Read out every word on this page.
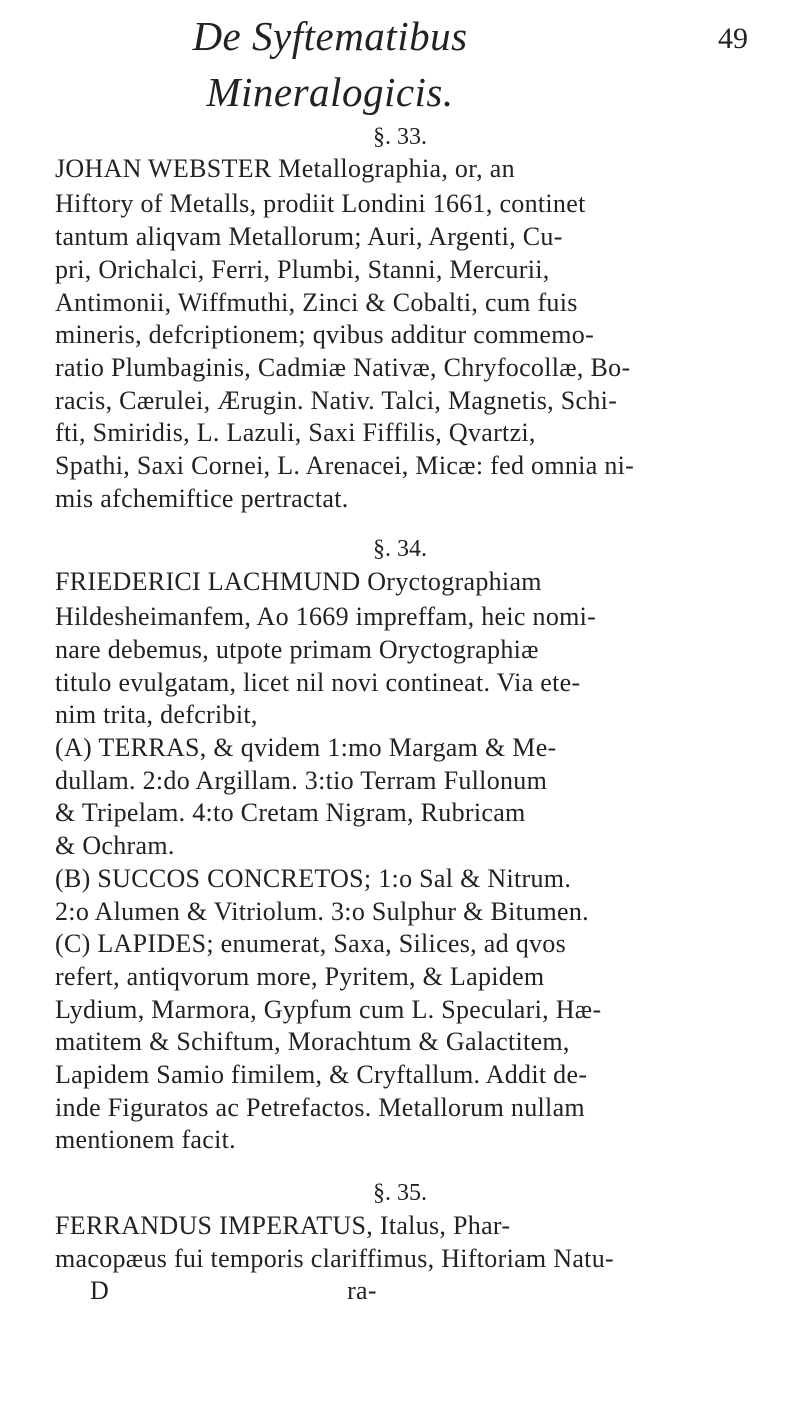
De Syftematibus Mineralogicis.
49
§. 33.
JOHAN WEBSTER Metallographia, or, an
Hiftory of Metalls, prodiit Londini 1661, continet
tantum aliqvam Metallorum; Auri, Argenti, Cu-
pri, Orichalci, Ferri, Plumbi, Stanni, Mercurii,
Antimonii, Wiffmuthi, Zinci & Cobalti, cum fuis
mineris, defcriptionem; qvibus additur commemo-
ratio Plumbaginis, Cadmiæ Nativæ, Chryfocollæ, Bo-
racis, Cærulei, Ærugin. Nativ. Talci, Magnetis, Schi-
fti, Smiridis, L. Lazuli, Saxi Fiffilis, Qvartzi,
Spathi, Saxi Cornei, L. Arenacei, Micæ: fed omnia ni-
mis afchemiftice pertractat.
§. 34.
FRIEDERICI LACHMUND Oryctographiam
Hildesheimanfem, Ao 1669 impreffam, heic nomi-
nare debemus, utpote primam Oryctographiæ
titulo evulgatam, licet nil novi contineat. Via ete-
nim trita, defcribit,
(A) TERRAS, & qvidem 1:mo Margam & Me-
dullam. 2:do Argillam. 3:tio Terram Fullonum
& Tripelam. 4:to Cretam Nigram, Rubricam
& Ochram.
(B) SUCCOS CONCRETOS; 1:o Sal & Nitrum.
2:o Alumen & Vitriolum. 3:o Sulphur & Bitumen.
(C) LAPIDES; enumerat, Saxa, Silices, ad qvos
refert, antiqvorum more, Pyritem, & Lapidem
Lydium, Marmora, Gypfum cum L. Speculari, Hæ-
matitem & Schiftum, Morachtum & Galactitem,
Lapidem Samio fimilem, & Cryftallum. Addit de-
inde Figuratos ac Petrefactos. Metallorum nullam
mentionem facit.
§. 35.
FERRANDUS IMPERATUS, Italus, Phar-
macopæus fui temporis clariffimus, Hiftoriam Natu-
D                                   ra-
